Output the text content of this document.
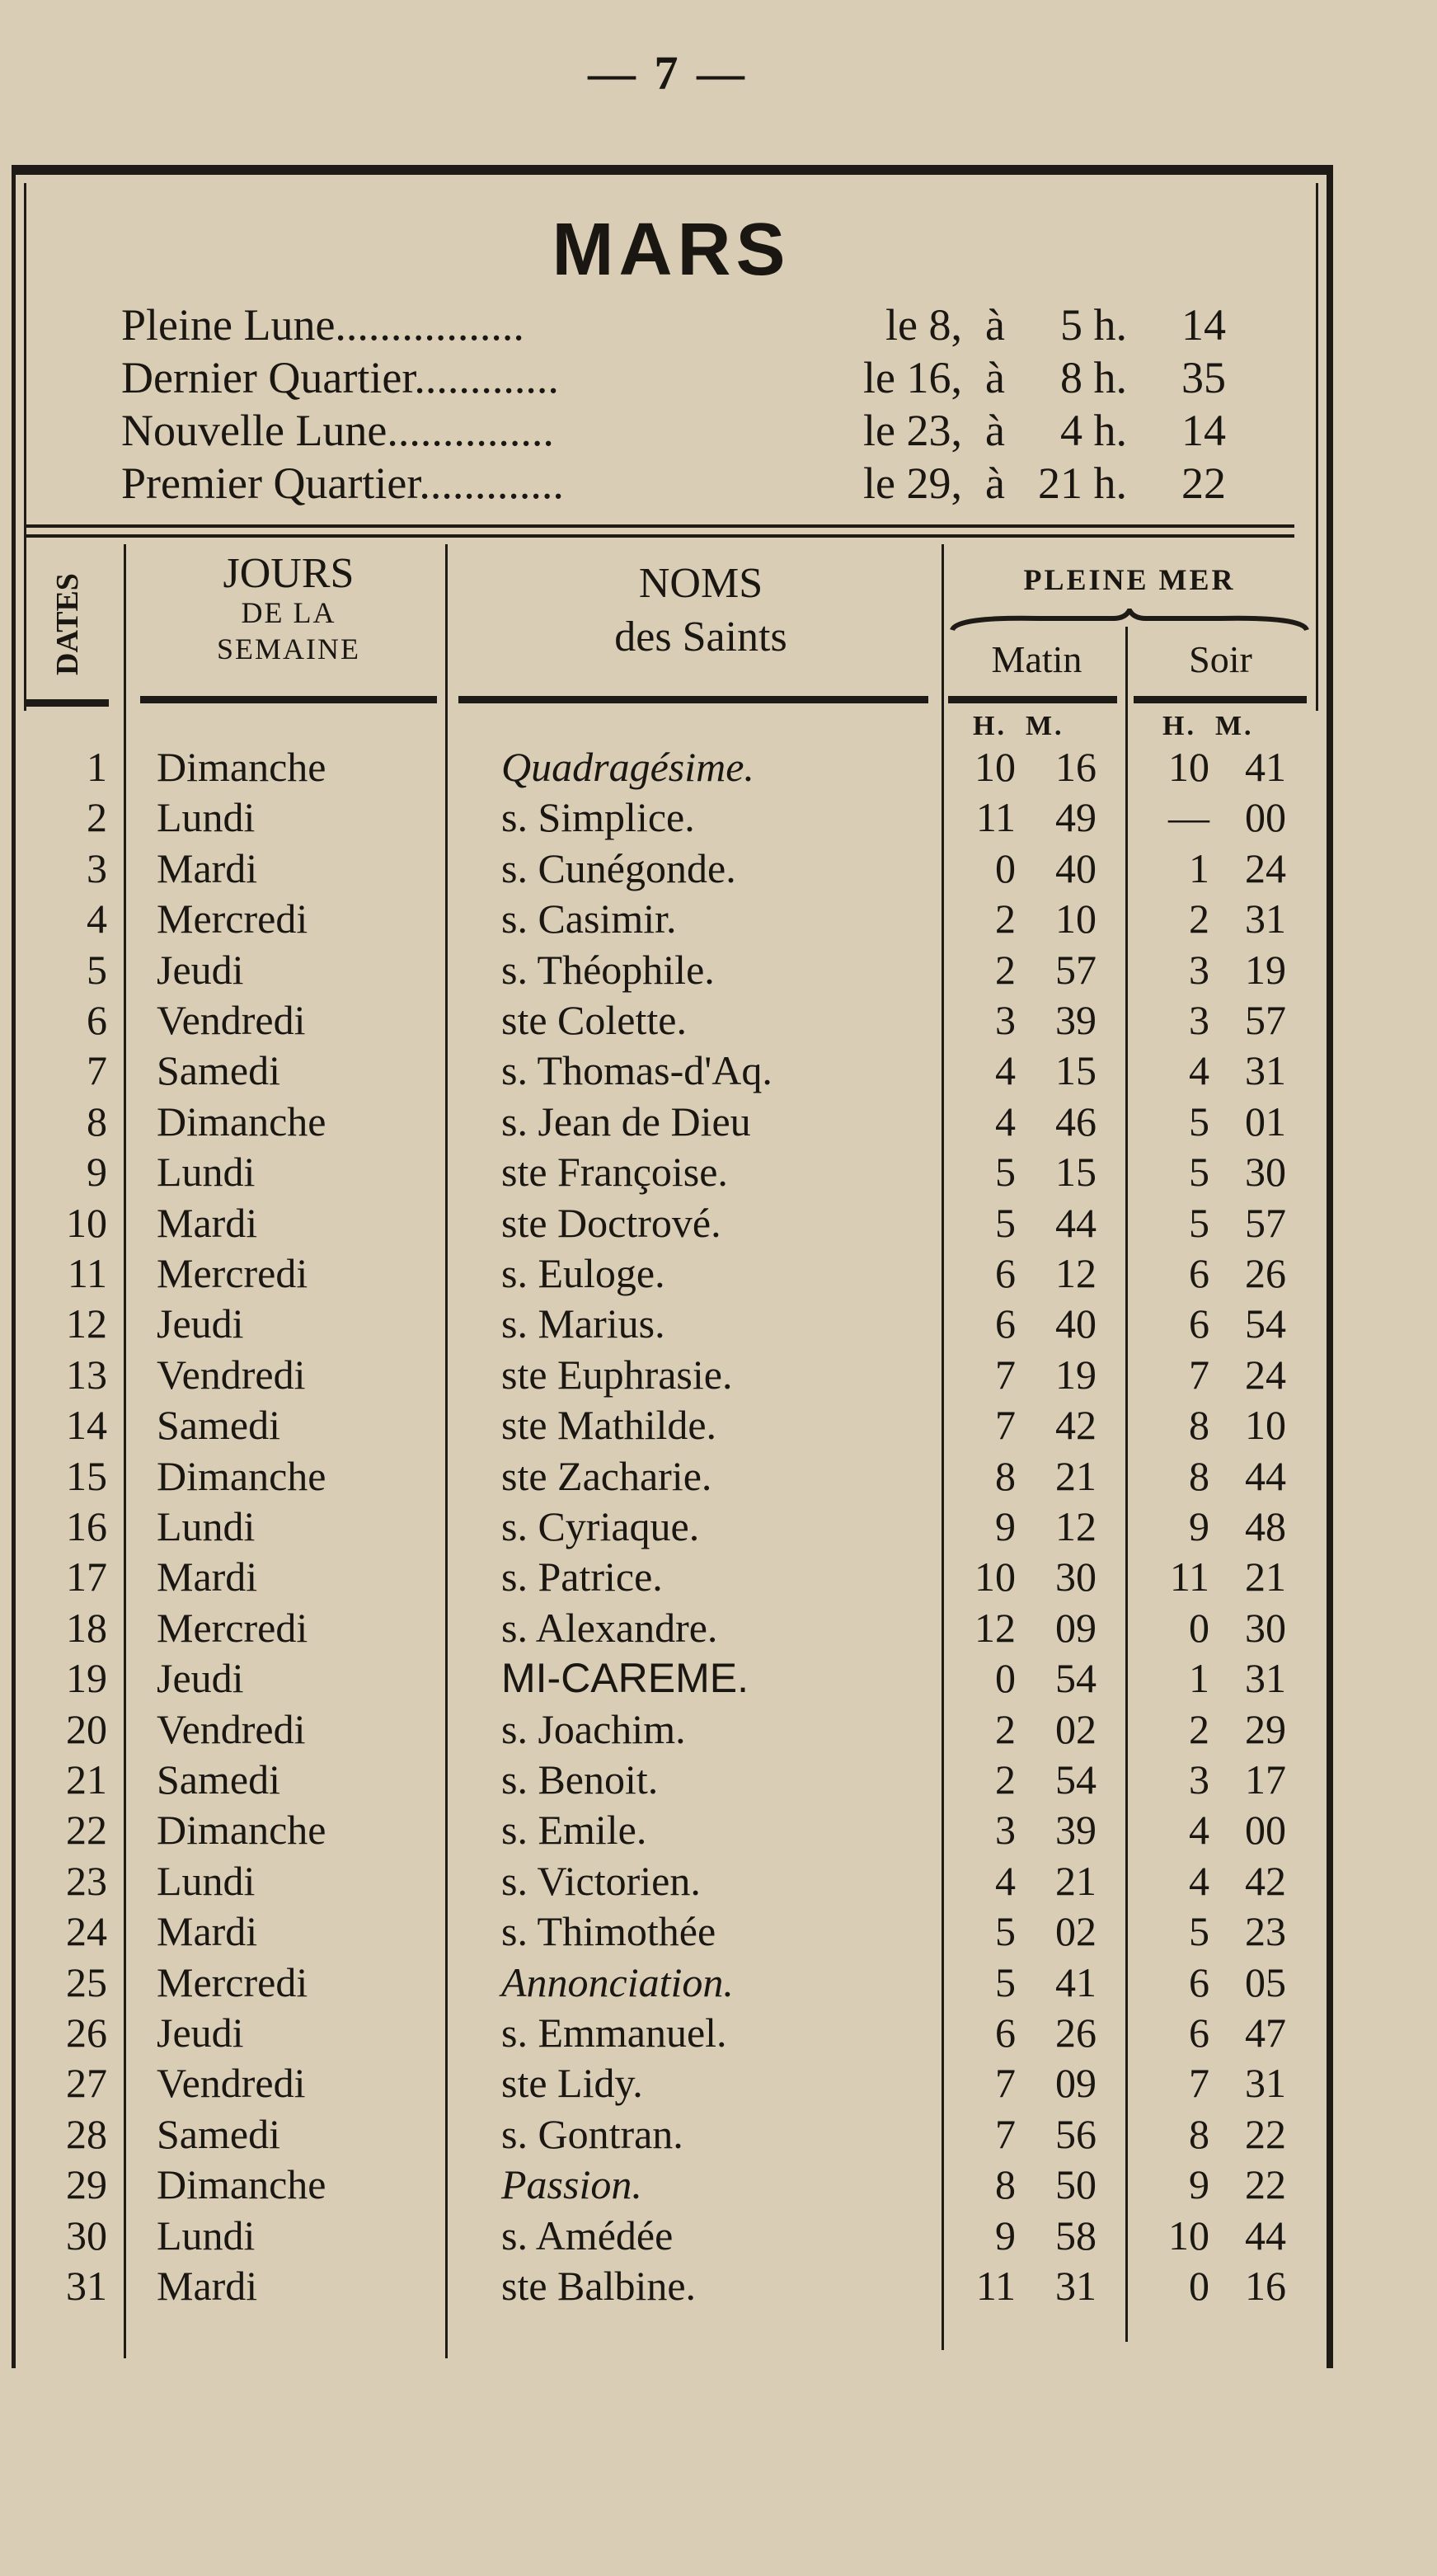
— 7 —
MARS
Pleine Lune.................	le 8, à	5 h.	14
Dernier Quartier.............	le 16, à	8 h.	35
Nouvelle Lune...............	le 23, à	4 h.	14
Premier Quartier.............	le 29, à 21 h.	22
DATES	JOURS
DE LA
SEMAINE
NOMS
des Saints
PLEINE MER
Matin	Soir
H.  M.	H.  M.
1 Dimanche	Quadragésime.	10 16	10 41
2 Lundi	s. Simplice.	11 49	— 00
3 Mardi	s. Cunégonde.	0 40	1 24
4 Mercredi	s. Casimir.	2 10	2 31
5 Jeudi	s. Théophile.	2 57	3 19
6 Vendredi	ste Colette.	3 39	3 57
7 Samedi	s. Thomas-d'Aq.	4 15	4 31
8 Dimanche	s. Jean de Dieu	4 46	5 01
9 Lundi	ste Françoise.	5 15	5 30
10 Mardi	ste Doctrové.	5 44	5 57
11 Mercredi	s. Euloge.	6 12	6 26
12 Jeudi	s. Marius.	6 40	6 54
13 Vendredi	ste Euphrasie.	7 19	7 24
14 Samedi	ste Mathilde.	7 42	8 10
15 Dimanche	ste Zacharie.	8 21	8 44
16 Lundi	s. Cyriaque.	9 12	9 48
17 Mardi	s. Patrice.	10 30	11 21
18 Mercredi	s. Alexandre.	12 09	0 30
19 Jeudi	MI-CAREME.	0 54	1 31
20 Vendredi	s. Joachim.	2 02	2 29
21 Samedi	s. Benoit.	2 54	3 17
22 Dimanche	s. Emile.	3 39	4 00
23 Lundi	s. Victorien.	4 21	4 42
24 Mardi	s. Thimothée	5 02	5 23
25 Mercredi	Annonciation.	5 41	6 05
26 Jeudi	s. Emmanuel.	6 26	6 47
27 Vendredi	ste Lidy.	7 09	7 31
28 Samedi	s. Gontran.	7 56	8 22
29 Dimanche	Passion.	8 50	9 22
30 Lundi	s. Amédée	9 58	10 44
31 Mardi	ste Balbine.	11 31	0 16
